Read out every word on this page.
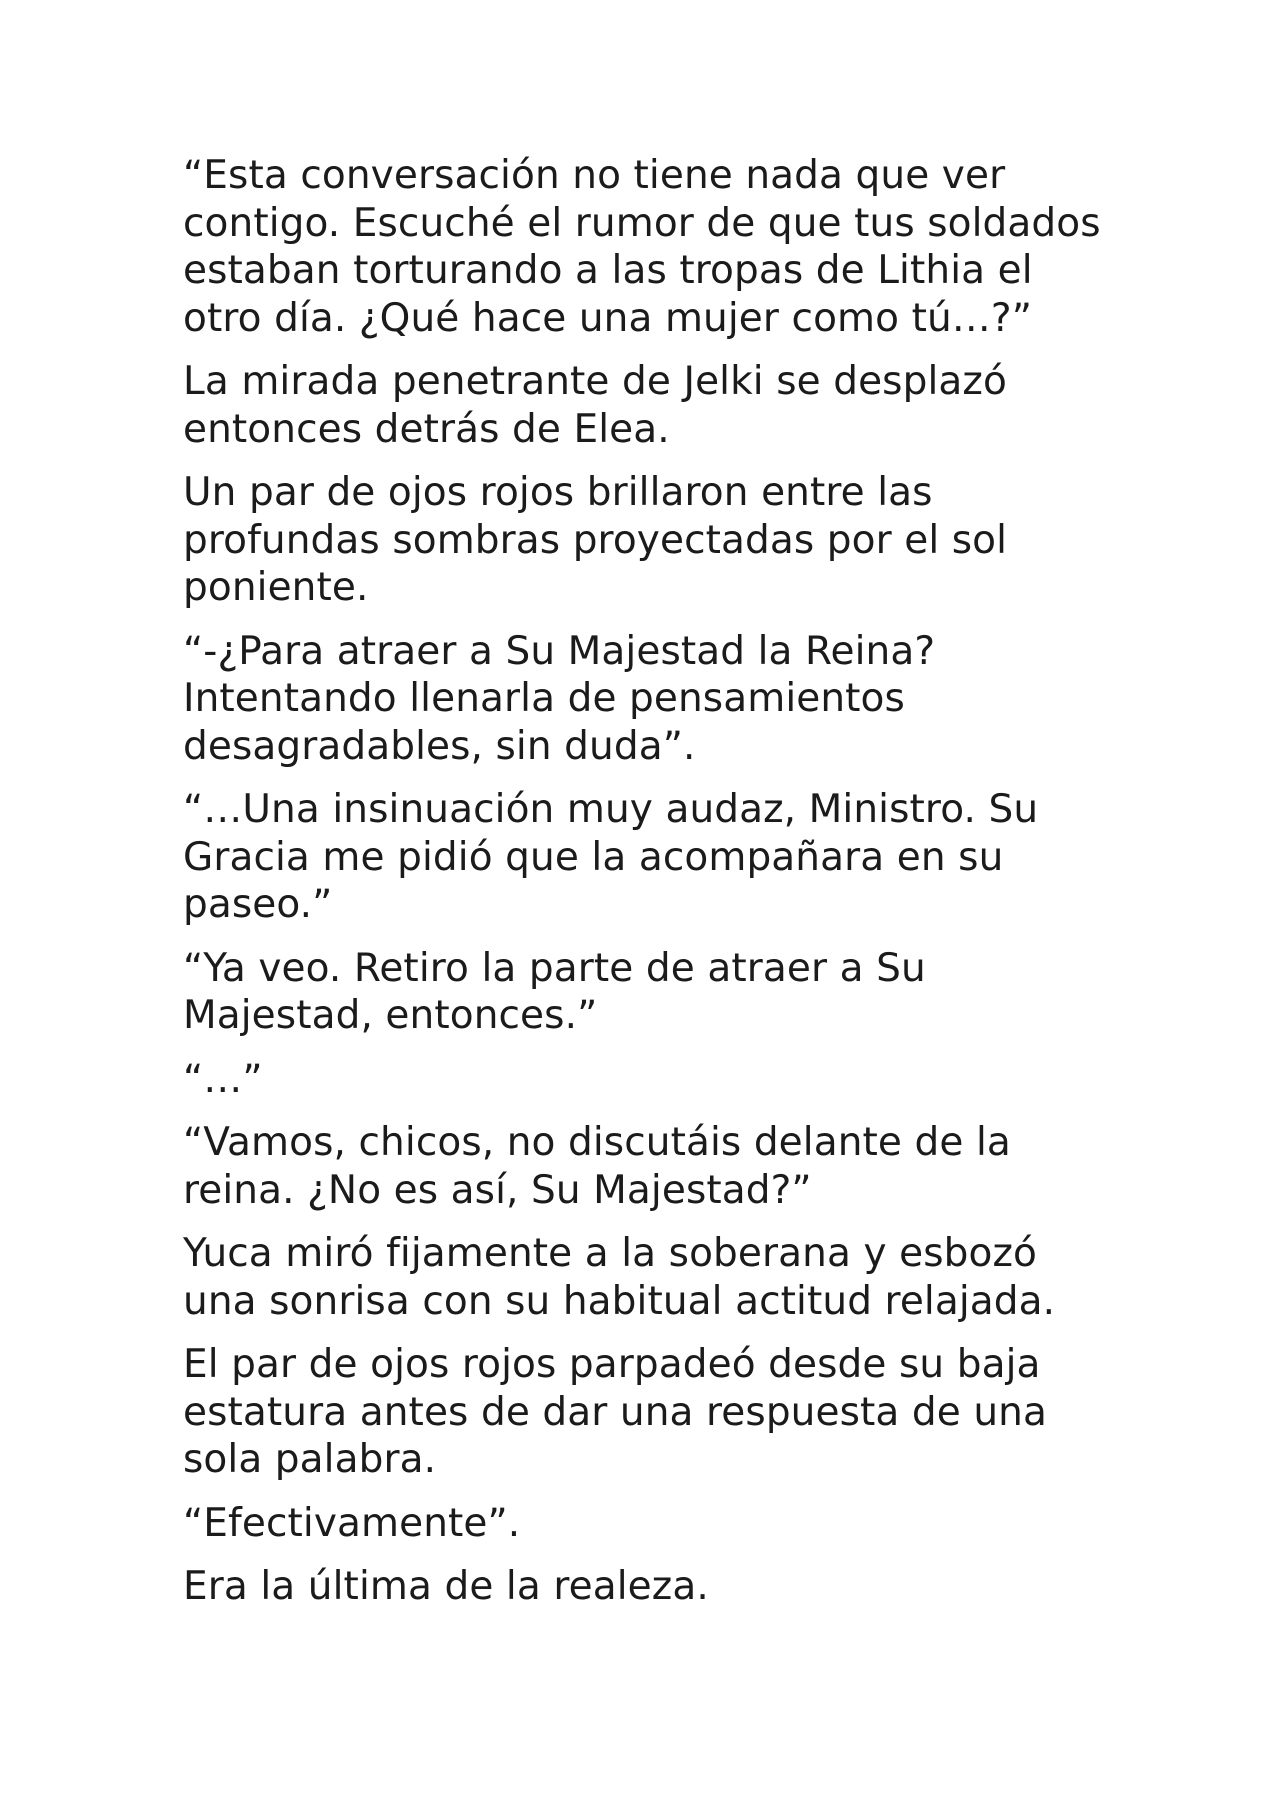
“Esta conversación no tiene nada que ver
contigo. Escuché el rumor de que tus soldados
estaban torturando a las tropas de Lithia el
otro día. ¿Qué hace una mujer como tú…?”

La mirada penetrante de Jelki se desplazó
entonces detrás de Elea.

Un par de ojos rojos brillaron entre las
profundas sombras proyectadas por el sol
poniente.

“-¿Para atraer a Su Majestad la Reina?
Intentando llenarla de pensamientos
desagradables, sin duda”.

“…Una insinuación muy audaz, Ministro. Su
Gracia me pidió que la acompañara en su
paseo.”

“Ya veo. Retiro la parte de atraer a Su
Majestad, entonces.”

“…”

“Vamos, chicos, no discutáis delante de la
reina. ¿No es así, Su Majestad?”

Yuca miró fijamente a la soberana y esbozó
una sonrisa con su habitual actitud relajada.

El par de ojos rojos parpadeó desde su baja
estatura antes de dar una respuesta de una
sola palabra.

“Efectivamente”.

Era la última de la realeza.
